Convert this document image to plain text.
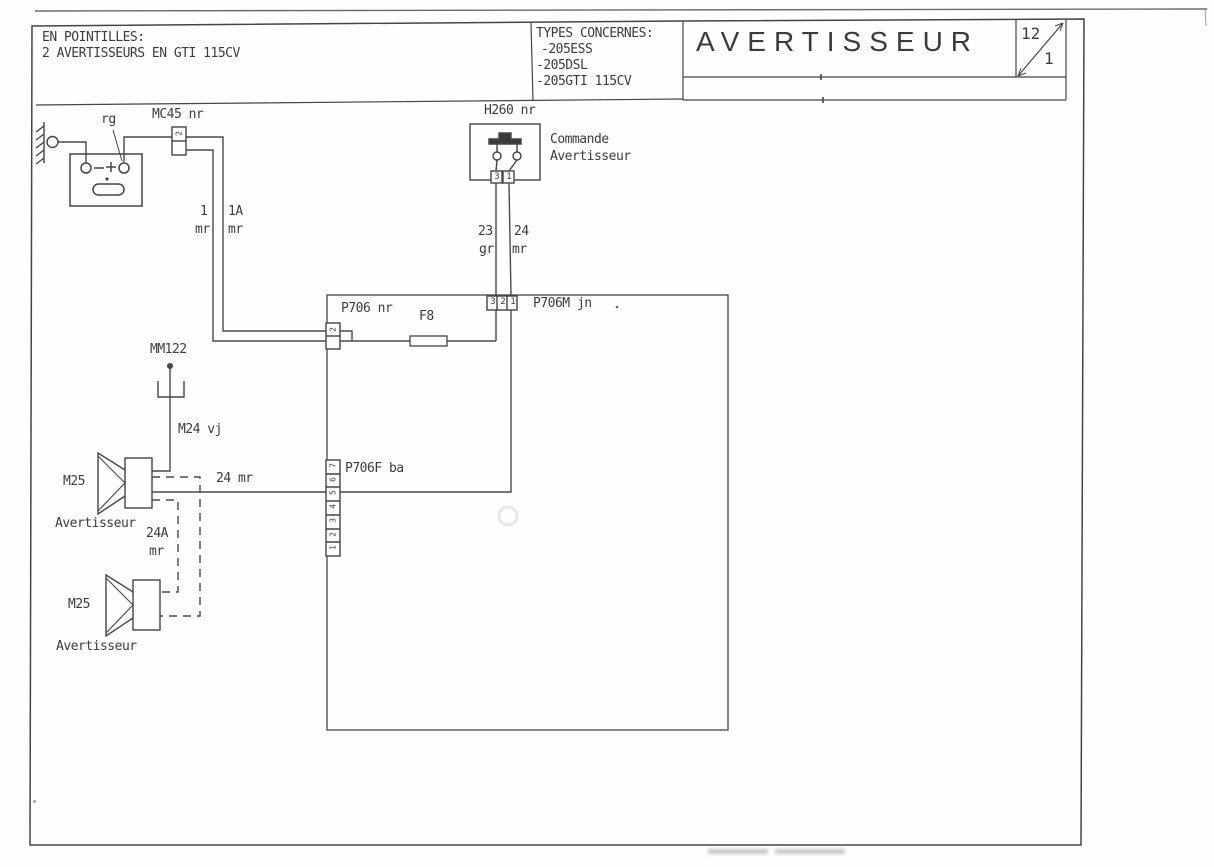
EN POINTILLES:
2 AVERTISSEURS EN GTI 115CV
TYPES CONCERNES:
-205ESS
-205DSL
-205GTI 115CV
AVERTISSEUR	12
1
rg	MC45 nr
2
1
mr
1A
mr
H260 nr
Commande
Avertisseur
3 1
23
gr
24
mr
P706 nr
2
F8
P706M jn
3 2 1
P706F ba
7
6
5
4
3
2
1
MM122
M24 vj
24 mr
24A
mr
M25
Avertisseur
M25
Avertisseur
